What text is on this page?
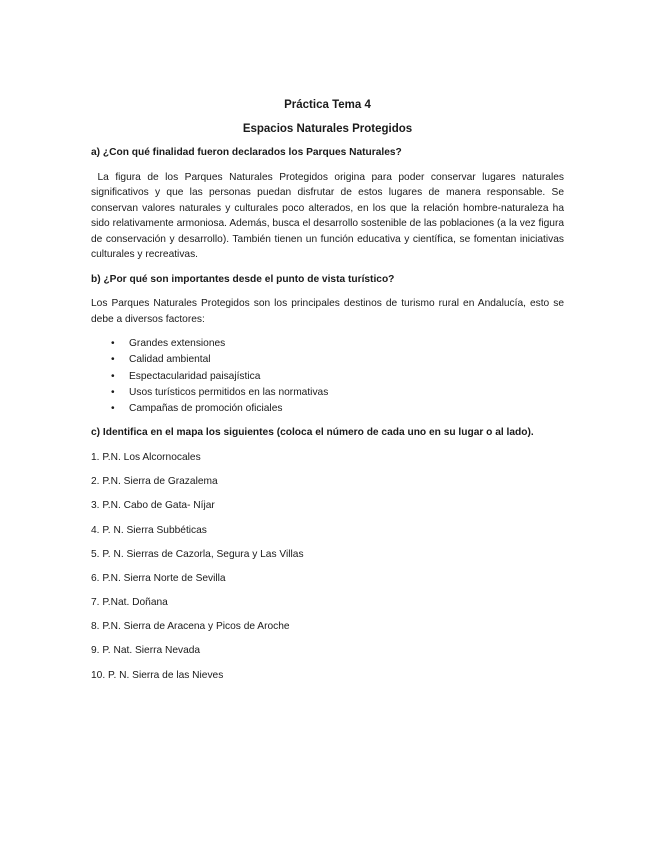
Práctica Tema 4
Espacios Naturales Protegidos

a) ¿Con qué finalidad fueron declarados los Parques Naturales?

La figura de los Parques Naturales Protegidos origina para poder conservar lugares naturales significativos y que las personas puedan disfrutar de estos lugares de manera responsable. Se conservan valores naturales y culturales poco alterados, en los que la relación hombre-naturaleza ha sido relativamente armoniosa. Además, busca el desarrollo sostenible de las poblaciones (a la vez figura de conservación y desarrollo). También tienen un función educativa y científica, se fomentan iniciativas culturales y recreativas.

b) ¿Por qué son importantes desde el punto de vista turístico?

Los Parques Naturales Protegidos son los principales destinos de turismo rural en Andalucía, esto se debe a diversos factores:

• Grandes extensiones
• Calidad ambiental
• Espectacularidad paisajística
• Usos turísticos permitidos en las normativas
• Campañas de promoción oficiales

c) Identifica en el mapa los siguientes (coloca el número de cada uno en su lugar o al lado).

1. P.N. Los Alcornocales
2. P.N. Sierra de Grazalema
3. P.N. Cabo de Gata- Níjar
4. P. N. Sierra Subbéticas
5. P. N. Sierras de Cazorla, Segura y Las Villas
6. P.N. Sierra Norte de Sevilla
7. P.Nat. Doñana
8. P.N. Sierra de Aracena y Picos de Aroche
9. P. Nat. Sierra Nevada
10. P. N. Sierra de las Nieves
